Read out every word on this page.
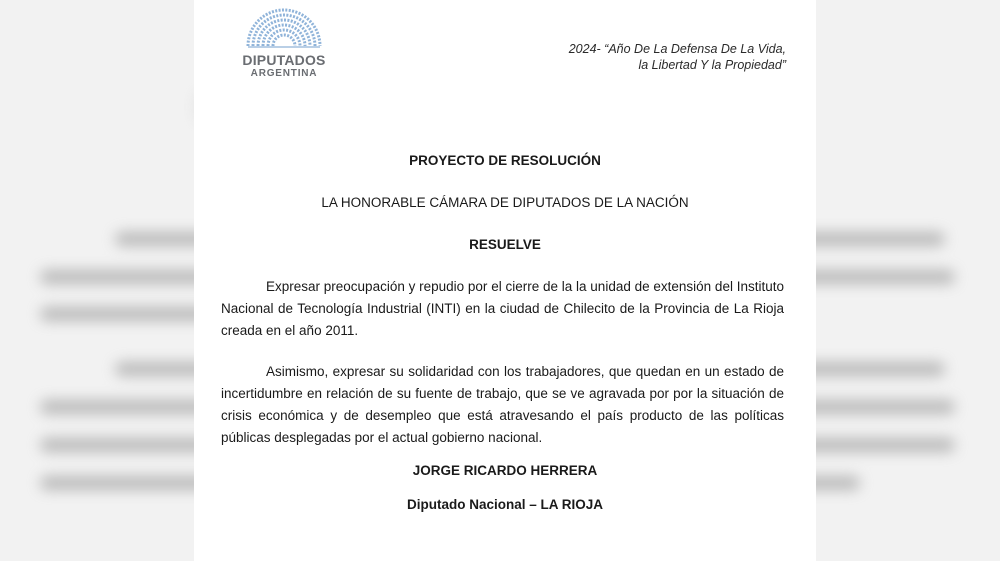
DIPUTADOS
ARGENTINA
2024- “Año De La Defensa De La Vida,
la Libertad Y la Propiedad”
PROYECTO DE RESOLUCIÓN
LA HONORABLE CÁMARA DE DIPUTADOS DE LA NACIÓN
RESUELVE

Expresar preocupación y repudio por el cierre de la la unidad de extensión del Instituto Nacional de Tecnología Industrial (INTI) en la ciudad de Chilecito de la Provincia de La Rioja creada en el año 2011.

Asimismo, expresar su solidaridad con los trabajadores, que quedan en un estado de incertidumbre en relación de su fuente de trabajo, que se ve agravada por por la situación de crisis económica y de desempleo que está atravesando el país producto de las políticas públicas desplegadas por el actual gobierno nacional.

JORGE RICARDO HERRERA
Diputado Nacional – LA RIOJA
